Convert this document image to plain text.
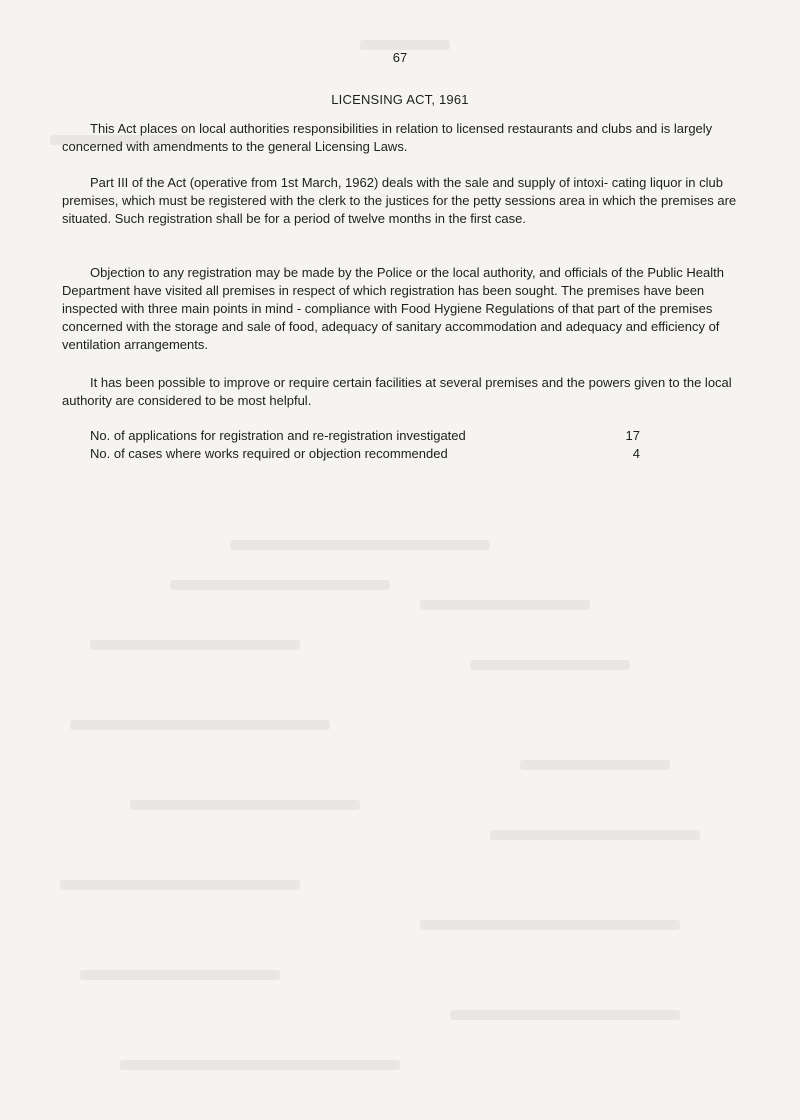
67
LICENSING ACT, 1961

This Act places on local authorities responsibilities in relation to licensed restaurants and clubs and is largely concerned with amendments to the general Licensing Laws.

Part III of the Act (operative from 1st March, 1962) deals with the sale and supply of intoxi- cating liquor in club premises, which must be registered with the clerk to the justices for the petty sessions area in which the premises are situated. Such registration shall be for a period of twelve months in the first case.

Objection to any registration may be made by the Police or the local authority, and officials of the Public Health Department have visited all premises in respect of which registration has been sought. The premises have been inspected with three main points in mind - compliance with Food Hygiene Regulations of that part of the premises concerned with the storage and sale of food, adequacy of sanitary accommodation and adequacy and efficiency of ventilation arrangements.

It has been possible to improve or require certain facilities at several premises and the powers given to the local authority are considered to be most helpful.

No. of applications for registration and re-registration investigated	17
No. of cases where works required or objection recommended	4
